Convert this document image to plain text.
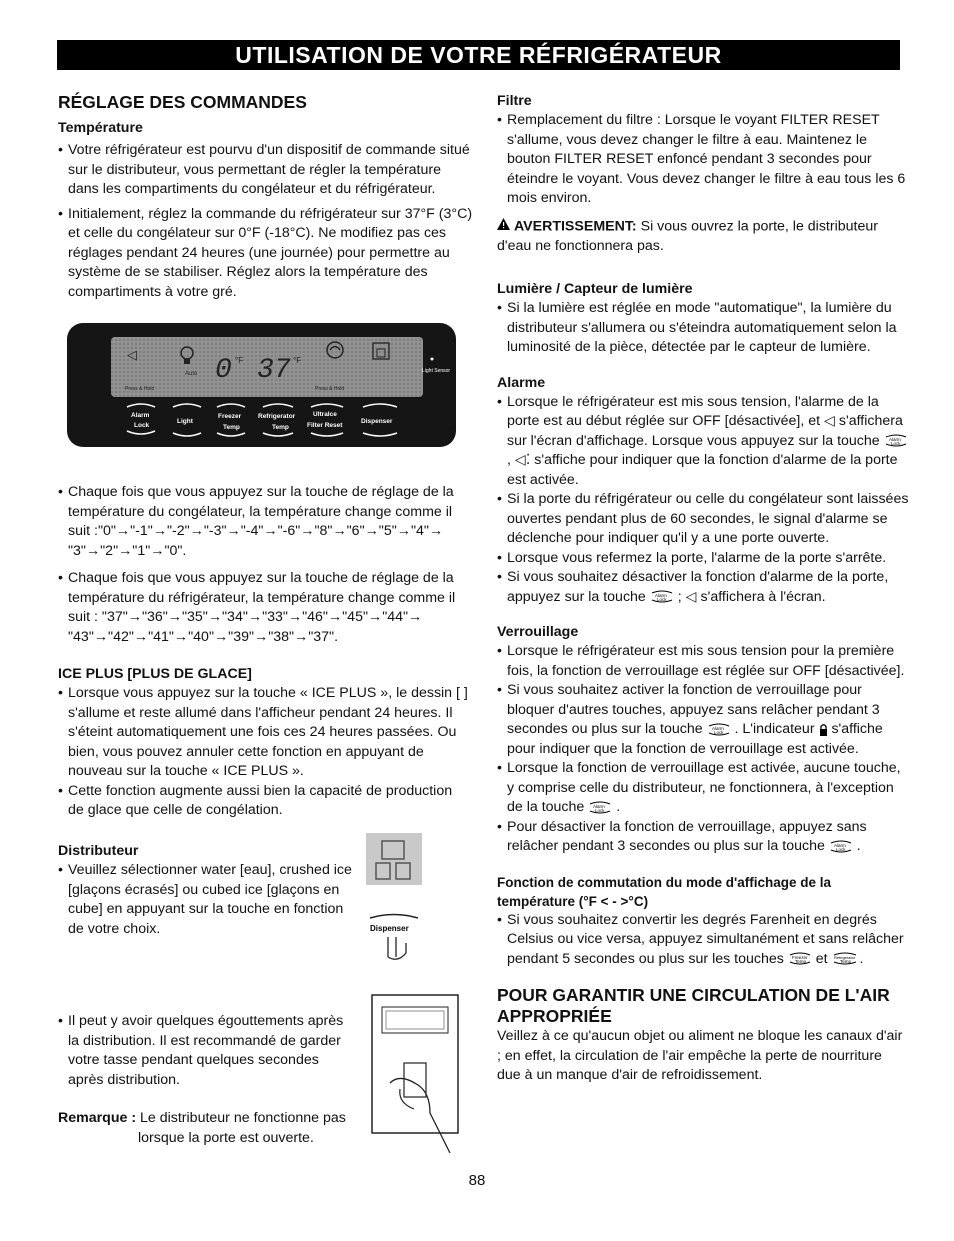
UTILISATION DE VOTRE RÉFRIGÉRATEUR
RÉGLAGE DES COMMANDES
Température

• Votre réfrigérateur est pourvu d'un dispositif de commande situé sur le distributeur, vous permettant de régler la température dans les compartiments du congélateur et du réfrigérateur.

• Initialement, réglez la commande du réfrigérateur sur 37°F (3°C) et celle du congélateur sur 0°F (-18°C). Ne modifiez pas ces réglages pendant 24 heures (une journée) pour permettre au système de se stabiliser. Réglez alors la température des compartiments à votre gré.

◁
Auto 0 °F 37 °F
Press & Hold	Press & Hold
Light Sensor
Alarm
Lock
Light
Freezer
Temp
Refrigerator
Temp
UltraIce
Filter Reset
Dispenser

• Chaque fois que vous appuyez sur la touche de réglage de la température du congélateur, la température change comme il suit :"0"→"-1"→"-2"→"-3"→"-4"→"-6"→"8"→"6"→"5"→"4"→ "3"→"2"→"1"→"0".

• Chaque fois que vous appuyez sur la touche de réglage de la température du réfrigérateur, la température change comme il suit : "37"→"36"→"35"→"34"→"33"→"46"→"45"→"44"→ "43"→"42"→"41"→"40"→"39"→"38"→"37".

ICE PLUS [PLUS DE GLACE]

• Lorsque vous appuyez sur la touche « ICE PLUS », le dessin [ ] s'allume et reste allumé dans l'afficheur pendant 24 heures. Il s'éteint automatiquement une fois ces 24 heures passées. Ou bien, vous pouvez annuler cette fonction en appuyant de nouveau sur la touche « ICE PLUS ».

• Cette fonction augmente aussi bien la capacité de production de glace que celle de congélation.

Distributeur

• Veuillez sélectionner water [eau], crushed ice [glaçons écrasés] ou cubed ice [glaçons en cube] en appuyant sur la touche en fonction de votre choix.	Dispenser

• Il peut y avoir quelques égouttements après la distribution. Il est recommandé de garder votre tasse pendant quelques secondes après distribution.

Remarque : Le distributeur ne fonctionne pas

lorsque la porte est ouverte.

Filtre

• Remplacement du filtre : Lorsque le voyant FILTER RESET s'allume, vous devez changer le filtre à eau. Maintenez le bouton FILTER RESET enfoncé pendant 3 secondes pour éteindre le voyant. Vous devez changer le filtre à eau tous les 6 mois environ.

AVERTISSEMENT: Si vous ouvrez la porte, le distributeur d'eau ne fonctionnera pas.

Lumière / Capteur de lumière

• Si la lumière est réglée en mode "automatique", la lumière du distributeur s'allumera ou s'éteindra automatiquement selon la luminosité de la pièce, détectée par le capteur de lumière.

Alarme

• Lorsque le réfrigérateur est mis sous tension, l'alarme de la porte est au début réglée sur OFF [désactivée], et ◁ s'affichera sur l'écran d'affichage. Lorsque vous appuyez sur la touche Alarm
Lock
, ◁⁚ s'affiche pour indiquer que la fonction d'alarme de la porte est activée.

• Si la porte du réfrigérateur ou celle du congélateur sont laissées ouvertes pendant plus de 60 secondes, le signal d'alarme se déclenche pour indiquer qu'il y a une porte ouverte.

• Lorsque vous refermez la porte, l'alarme de la porte s'arrête.

• Si vous souhaitez désactiver la fonction d'alarme de la porte, appuyez sur la touche Alarm
Lock ; ◁ s'affichera à l'écran.

Verrouillage

• Lorsque le réfrigérateur est mis sous tension pour la première fois, la fonction de verrouillage est réglée sur OFF [désactivée].

• Si vous souhaitez activer la fonction de verrouillage pour bloquer d'autres touches, appuyez sans relâcher pendant 3 secondes ou plus sur la touche Alarm
Lock . L'indicateur s'affiche pour indiquer que la fonction de verrouillage est activée.

• Lorsque la fonction de verrouillage est activée, aucune touche, y comprise celle du distributeur, ne fonctionnera, à l'exception de la touche Alarm
Lock .

• Pour désactiver la fonction de verrouillage, appuyez sans relâcher pendant 3 secondes ou plus sur la touche Alarm
Lock .

Fonction de commutation du mode d'affichage de la température (°F < - >°C)

• Si vous souhaitez convertir les degrés Farenheit en degrés Celsius ou vice versa, appuyez simultanément et sans relâcher pendant 5 secondes ou plus sur les touches Freezer
Temp et Refrigerator
Temp .

POUR GARANTIR UNE CIRCULATION DE L'AIR APPROPRIÉE

Veillez à ce qu'aucun objet ou aliment ne bloque les canaux d'air ; en effet, la circulation de l'air empêche la perte de nourriture due à un manque d'air de refroidissement.

88
